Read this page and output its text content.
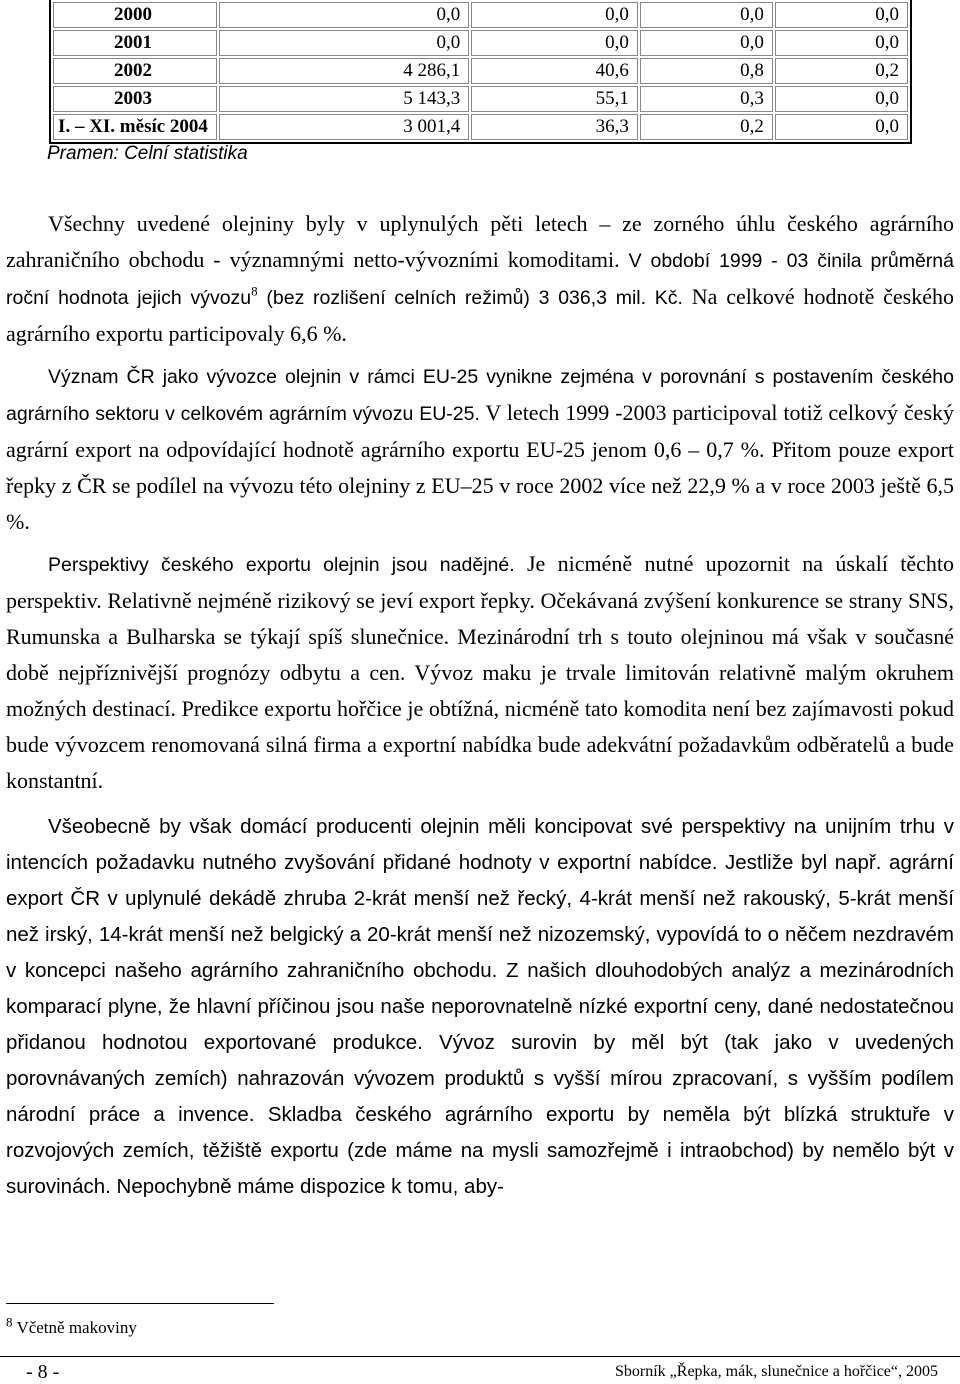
2000	0,0	0,0	0,0	0,0
2001	0,0	0,0	0,0	0,0
2002	4 286,1	40,6	0,8	0,2
2003	5 143,3	55,1	0,3	0,0
I. – XI. měsíc 2004	3 001,4	36,3	0,2	0,0
Pramen: Celní statistika

Všechny uvedené olejniny byly v uplynulých pěti letech – ze zorného úhlu českého agrárního zahraničního obchodu - významnými netto-vývozními komoditami. V období 1999 - 03 činila průměrná roční hodnota jejich vývozu$^8$ (bez rozlišení celních režimů) 3 036,3 mil. Kč. Na celkové hodnotě českého agrárního exportu participovaly 6,6 %.

Význam ČR jako vývozce olejnin v rámci EU-25 vynikne zejména v porovnání s postavením českého agrárního sektoru v celkovém agrárním vývozu EU-25. V letech 1999 -2003 participoval totiž celkový český agrární export na odpovídající hodnotě agrárního exportu EU-25 jenom 0,6 – 0,7 %. Přitom pouze export řepky z ČR se podílel na vývozu této olejniny z EU–25 v roce 2002 více než 22,9 % a v roce 2003 ještě 6,5 %.

Perspektivy českého exportu olejnin jsou nadějné. Je nicméně nutné upozornit na úskalí těchto perspektiv. Relativně nejméně rizikový se jeví export řepky. Očekávaná zvýšení konkurence se strany SNS, Rumunska a Bulharska se týkají spíš slunečnice. Mezinárodní trh s touto olejninou má však v současné době nejpříznivější prognózy odbytu a cen. Vývoz maku je trvale limitován relativně malým okruhem možných destinací. Predikce exportu hořčice je obtížná, nicméně tato komodita není bez zajímavosti pokud bude vývozcem renomovaná silná firma a exportní nabídka bude adekvátní požadavkům odběratelů a bude konstantní.

Všeobecně by však domácí producenti olejnin měli koncipovat své perspektivy na unijním trhu v intencích požadavku nutného zvyšování přidané hodnoty v exportní nabídce. Jestliže byl např. agrární export ČR v uplynulé dekádě zhruba 2-krát menší než řecký, 4-krát menší než rakouský, 5-krát menší než irský, 14-krát menší než belgický a 20-krát menší než nizozemský, vypovídá to o něčem nezdravém v koncepci našeho agrárního zahraničního obchodu. Z našich dlouhodobých analýz a mezinárodních komparací plyne, že hlavní příčinou jsou naše neporovnatelně nízké exportní ceny, dané nedostatečnou přidanou hodnotou exportované produkce. Vývoz surovin by měl být (tak jako v uvedených porovnávaných zemích) nahrazován vývozem produktů s vyšší mírou zpracovaní, s vyšším podílem národní práce a invence. Skladba českého agrárního exportu by neměla být blízká struktuře v rozvojových zemích, těžiště exportu (zde máme na mysli samozřejmě i intraobchod) by nemělo být v surovinách. Nepochybně máme dispozice k tomu, aby-

$^8$ Včetně makoviny
- 8 -	Sborník „Řepka, mák, slunečnice a hořčice“, 2005
